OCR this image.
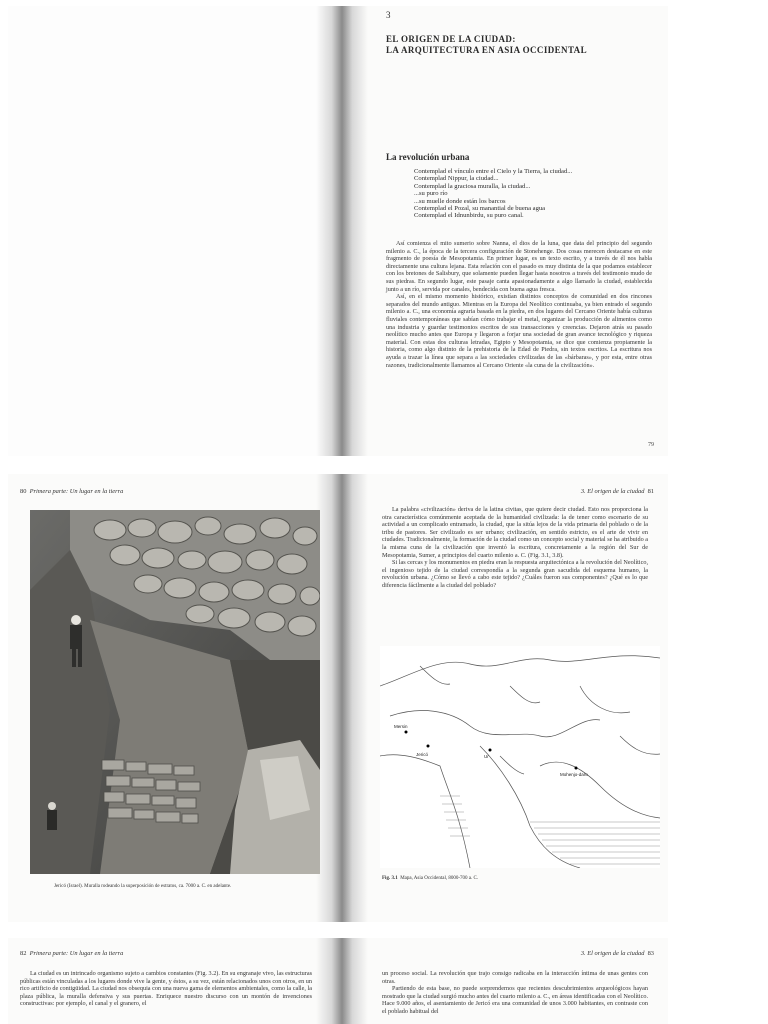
3
EL ORIGEN DE LA CIUDAD:
LA ARQUITECTURA EN ASIA OCCIDENTAL
La revolución urbana
Contemplad el vínculo entre el Cielo y la Tierra, la ciudad...
Contemplad Nippur, la ciudad...
Contemplad la graciosa muralla, la ciudad...
...su puro río
...su muelle donde están los barcos
Contemplad el Pozal, su manantial de buena agua
Contemplad el Idnunbirdu, su puro canal.

Así comienza el mito sumerio sobre Nanna, el dios de la luna, que data del principio del segundo milenio a. C., la época de la tercera configuración de Stonehenge. Dos cosas merecen destacarse en este fragmento de poesía de Mesopotamia. En primer lugar, es un texto escrito, y a través de él nos habla directamente una cultura lejana. Esta relación con el pasado es muy distinta de la que podamos establecer con los bretones de Salisbury, que solamente pueden llegar hasta nosotros a través del testimonio mudo de sus piedras. En segundo lugar, este pasaje canta apasionadamente a algo llamado la ciudad, establecida junto a un río, servida por canales, bendecida con buena agua fresca.

Así, en el mismo momento histórico, existían distintos conceptos de comunidad en dos rincones separados del mundo antiguo. Mientras en la Europa del Neolítico continuaba, ya bien entrado el segundo milenio a. C., una economía agraria basada en la piedra, en dos lugares del Cercano Oriente había culturas fluviales contemporáneas que sabían cómo trabajar el metal, organizar la producción de alimentos como una industria y guardar testimonios escritos de sus transacciones y creencias. Dejaron atrás su pasado neolítico mucho antes que Europa y llegaron a forjar una sociedad de gran avance tecnológico y riqueza material. Con estas dos culturas letradas, Egipto y Mesopotamia, se dice que comienza propiamente la historia, como algo distinto de la prehistoria de la Edad de Piedra, sin textos escritos. La escritura nos ayuda a trazar la línea que separa a las sociedades civilizadas de las «bárbaras», y por esta, entre otras razones, tradicionalmente llamamos al Cercano Oriente «la cuna de la civilización».

79
80 Primera parte: Un lugar en la tierra
Jericó (Israel). Muralla rodeando la superposición de estratos, ca. 7000 a. C. en adelante.
3. El origen de la ciudad 81

La palabra «civilización» deriva de la latina civitas, que quiere decir ciudad. Esto nos proporciona la otra característica comúnmente aceptada de la humanidad civilizada: la de tener como escenario de su actividad a un complicado entramado, la ciudad, que la sitúa lejos de la vida primaria del poblado o de la tribu de pastores. Ser civilizado es ser urbano; civilización, en sentido estricto, es el arte de vivir en ciudades. Tradicionalmente, la formación de la ciudad como un concepto social y material se ha atribuido a la misma cuna de la civilización que inventó la escritura, concretamente a la región del Sur de Mesopotamia, Sumer, a principios del cuarto milenio a. C. (Fig. 3.1, 3.8).

Si las cercas y los monumentos en piedra eran la respuesta arquitectónica a la revolución del Neolítico, el ingenioso tejido de la ciudad correspondía a la segunda gran sacudida del esquema humano, la revolución urbana. ¿Cómo se llevó a cabo este tejido? ¿Cuáles fueron sus componentes? ¿Qué es lo que diferencia fácilmente a la ciudad del poblado?

Mersin
Jericó	Ur
Mohenjo-daro
Fig. 3.1 Mapa, Asia Occidental, 8000-700 a. C.
82 Primera parte: Un lugar en la tierra

La ciudad es un intrincado organismo sujeto a cambios constantes (Fig. 3.2). En su engranaje vivo, las estructuras públicas están vinculadas a los lugares donde vive la gente, y éstos, a su vez, están relacionados unos con otros, en un rico artificio de contigüidad. La ciudad nos obsequia con una nueva gama de elementos ambientales, como la calle, la plaza pública, la muralla defensiva y sus puertas. Enriquece nuestro discurso con un montón de invenciones constructivas: por ejemplo, el canal y el granero, el

3. El origen de la ciudad 83

un proceso social. La revolución que trajo consigo radicaba en la interacción íntima de unas gentes con otras.

Partiendo de esta base, no puede sorprendernos que recientes descubrimientos arqueológicos hayan mostrado que la ciudad surgió mucho antes del cuarto milenio a. C., en áreas identificadas con el Neolítico. Hace 9.000 años, el asentamiento de Jericó era una comunidad de unos 3.000 habitantes, en contraste con el poblado habitual del
